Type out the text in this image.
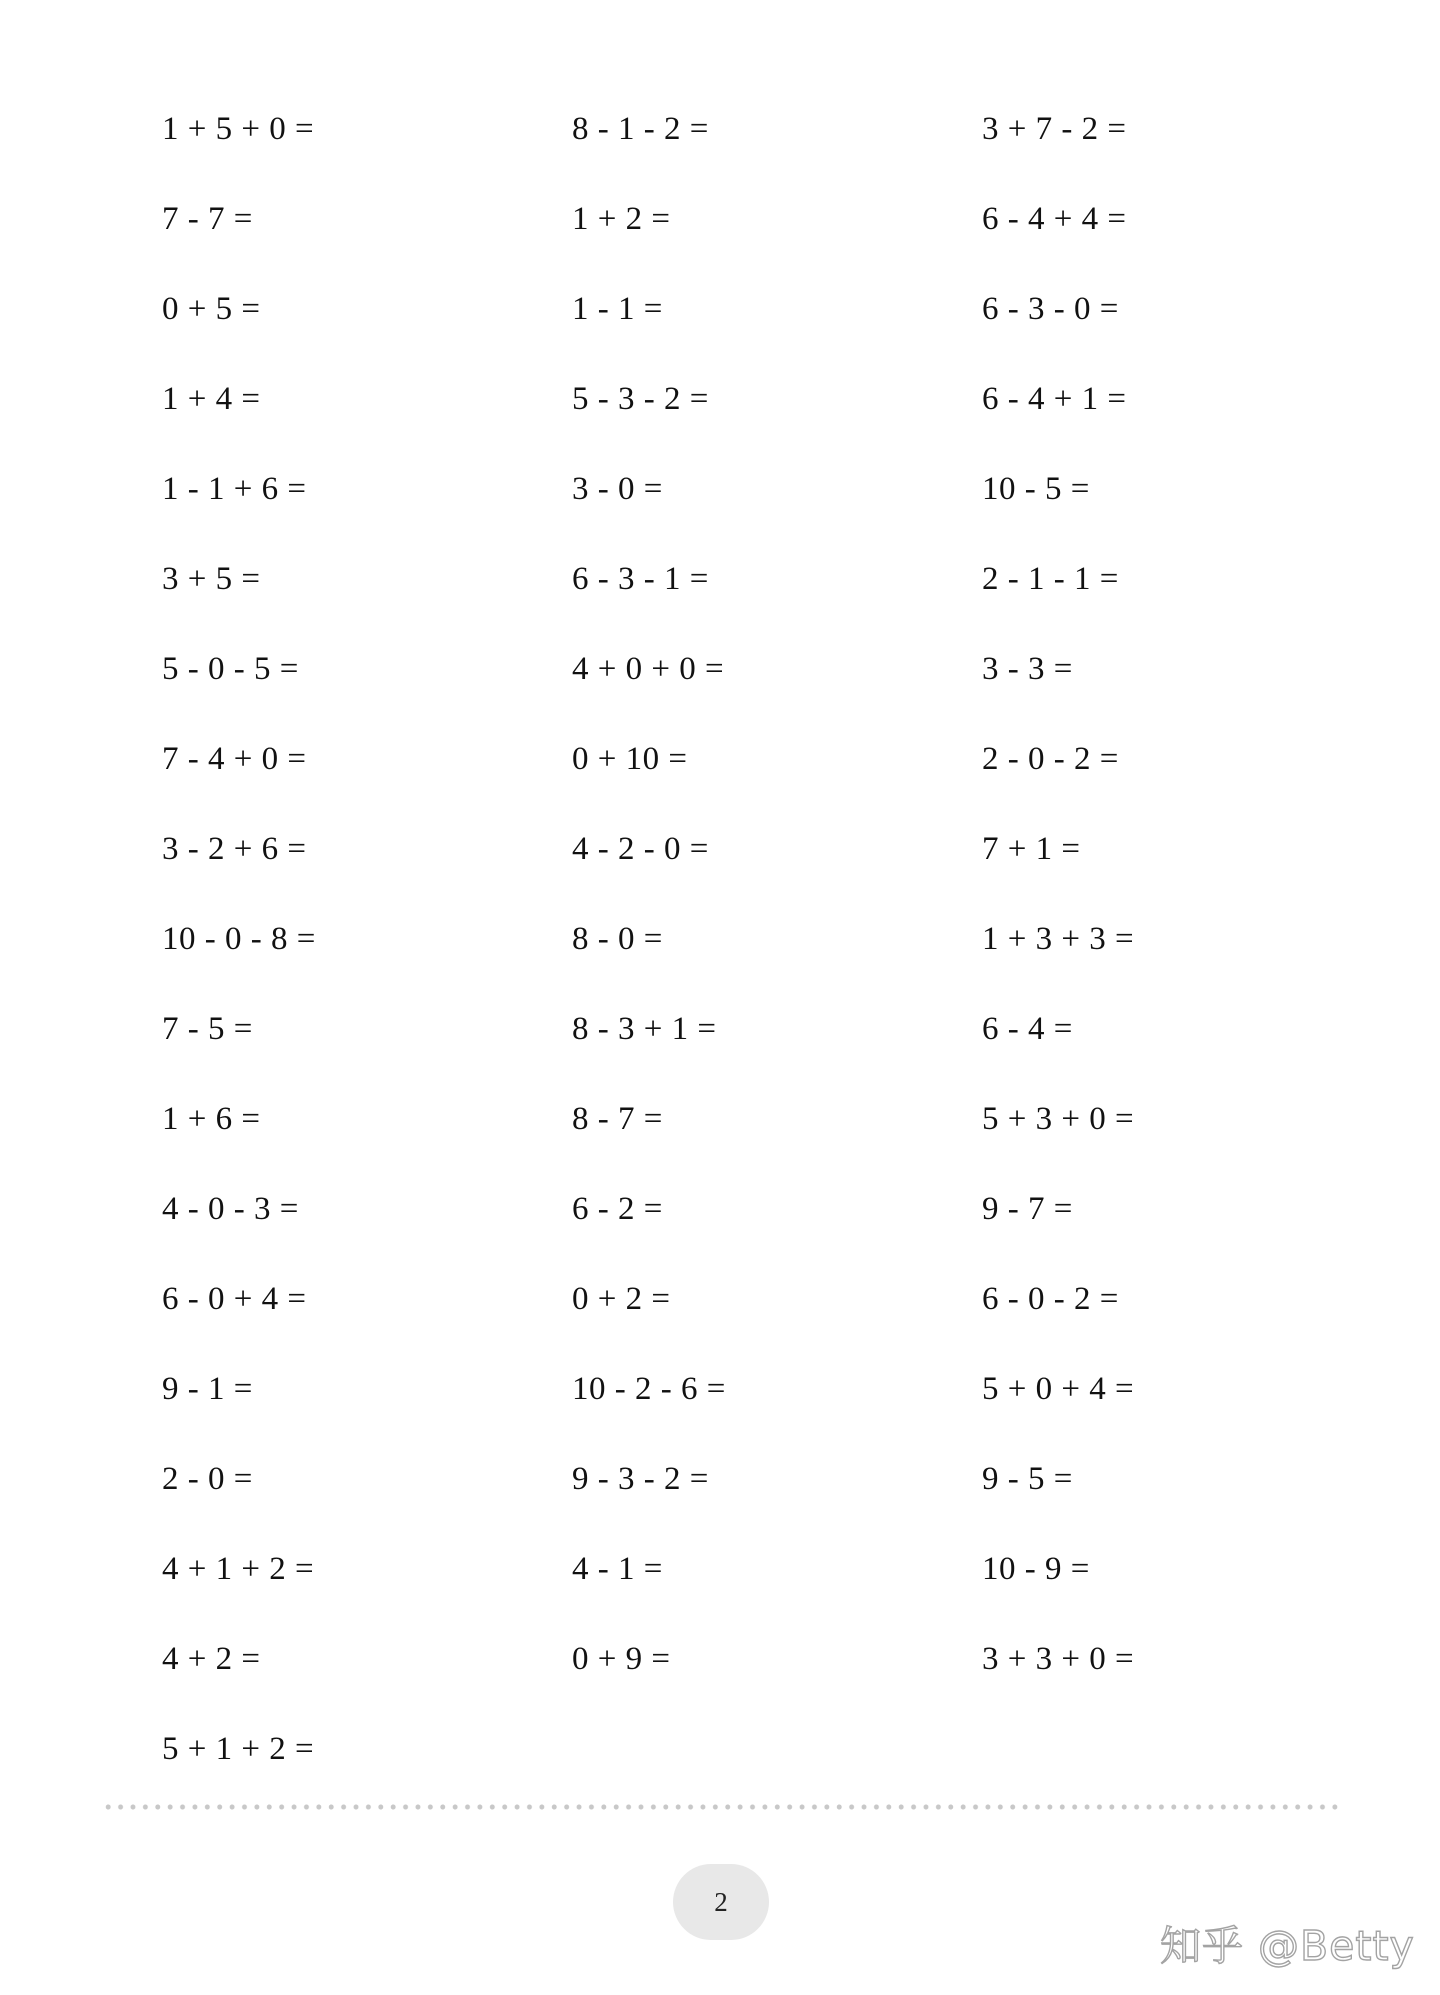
1 + 5 + 0 =	8 - 1 - 2 =	3 + 7 - 2 =
7 - 7 =	1 + 2 =	6 - 4 + 4 =
0 + 5 =	1 - 1 =	6 - 3 - 0 =
1 + 4 =	5 - 3 - 2 =	6 - 4 + 1 =
1 - 1 + 6 =	3 - 0 =	10 - 5 =
3 + 5 =	6 - 3 - 1 =	2 - 1 - 1 =
5 - 0 - 5 =	4 + 0 + 0 =	3 - 3 =
7 - 4 + 0 =	0 + 10 =	2 - 0 - 2 =
3 - 2 + 6 =	4 - 2 - 0 =	7 + 1 =
10 - 0 - 8 =	8 - 0 =	1 + 3 + 3 =
7 - 5 =	8 - 3 + 1 =	6 - 4 =
1 + 6 =	8 - 7 =	5 + 3 + 0 =
4 - 0 - 3 =	6 - 2 =	9 - 7 =
6 - 0 + 4 =	0 + 2 =	6 - 0 - 2 =
9 - 1 =	10 - 2 - 6 =	5 + 0 + 4 =
2 - 0 =	9 - 3 - 2 =	9 - 5 =
4 + 1 + 2 =	4 - 1 =	10 - 9 =
4 + 2 =	0 + 9 =	3 + 3 + 0 =
5 + 1 + 2 =
2
知乎 @Betty
